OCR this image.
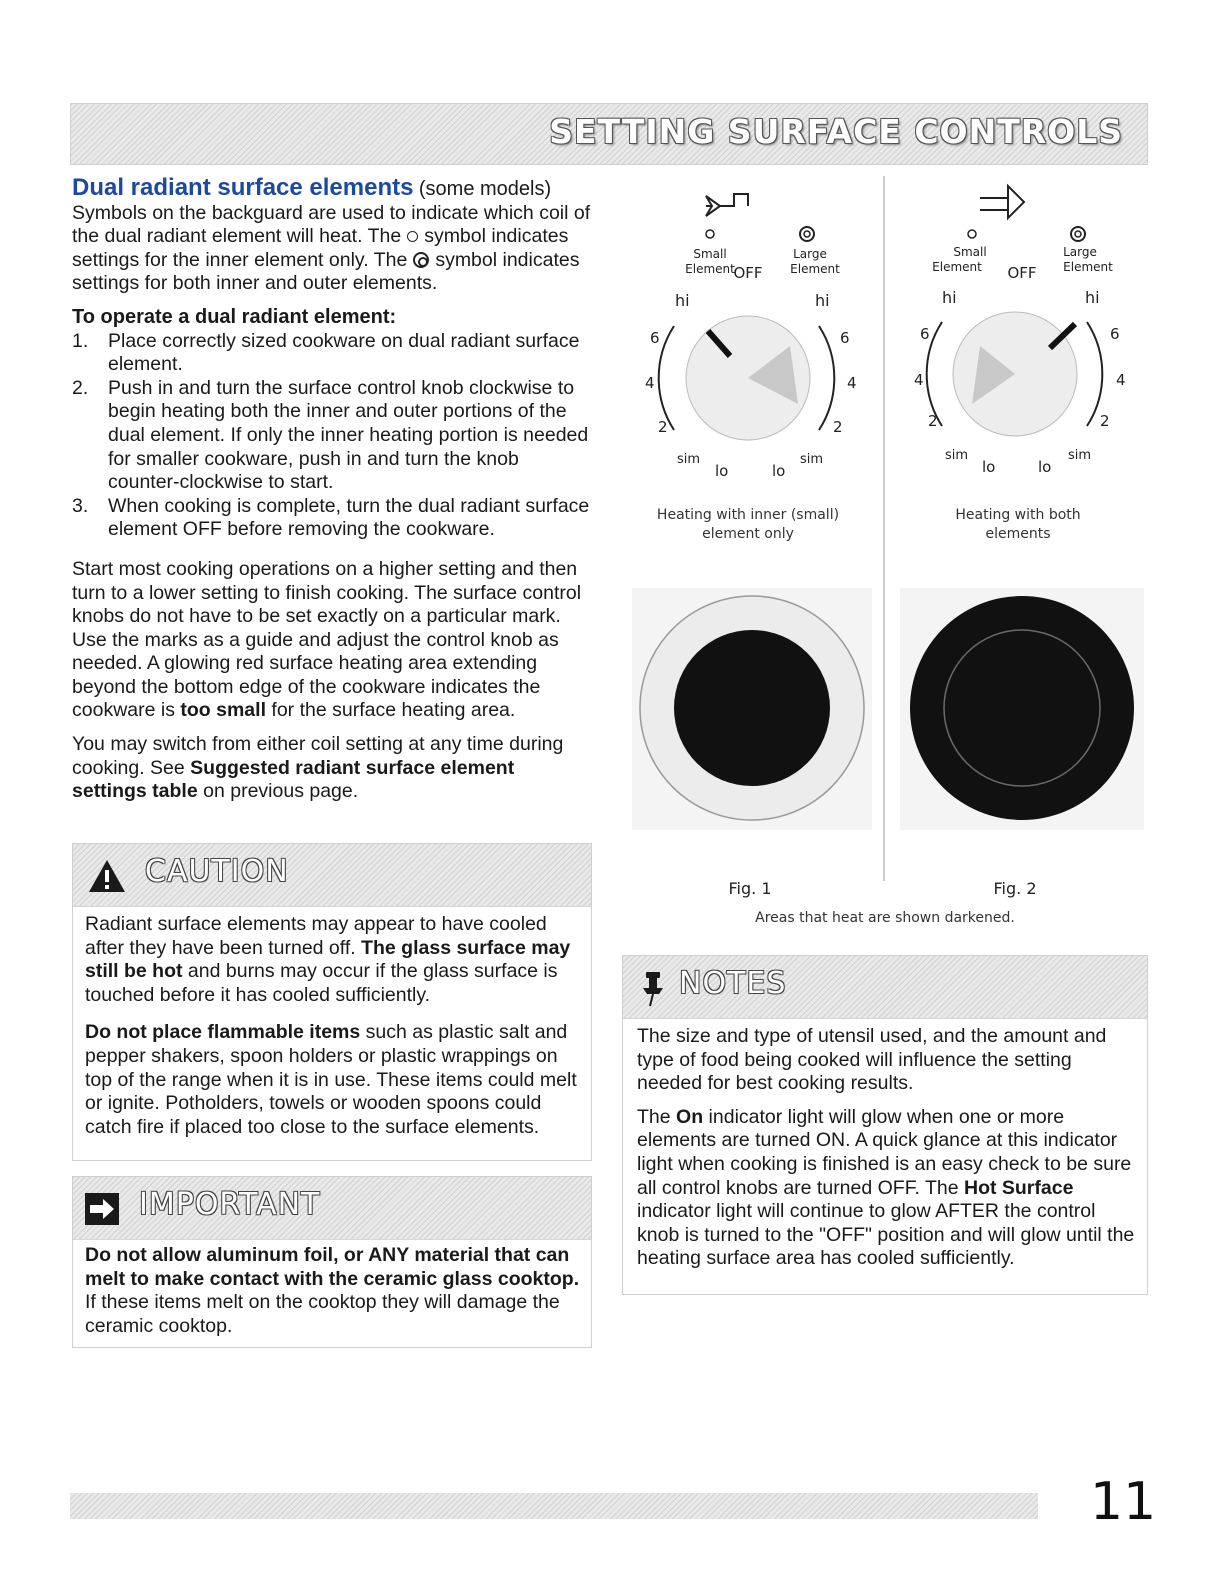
SETTING SURFACE CONTROLS

Dual radiant surface elements (some models)

Symbols on the backguard are used to indicate which coil of the dual radiant element will heat. The symbol indicates settings for the inner element only. The symbol indicates settings for both inner and outer elements.

To operate a dual radiant element:

1. Place correctly sized cookware on dual radiant surface element.
2. Push in and turn the surface control knob clockwise to begin heating both the inner and outer portions of the dual element. If only the inner heating portion is needed for smaller cookware, push in and turn the knob counter-clockwise to start.
3. When cooking is complete, turn the dual radiant surface element OFF before removing the cookware.

Start most cooking operations on a higher setting and then turn to a lower setting to finish cooking. The surface control knobs do not have to be set exactly on a particular mark. Use the marks as a guide and adjust the control knob as needed. A glowing red surface heating area extending beyond the bottom edge of the cookware indicates the cookware is too small for the surface heating area.

You may switch from either coil setting at any time during cooking. See Suggested radiant surface element settings table on previous page.

CAUTION

Radiant surface elements may appear to have cooled after they have been turned off. The glass surface may still be hot and burns may occur if the glass surface is touched before it has cooled sufficiently.

Do not place flammable items such as plastic salt and pepper shakers, spoon holders or plastic wrappings on top of the range when it is in use. These items could melt or ignite. Potholders, towels or wooden spoons could catch fire if placed too close to the surface elements.

IMPORTANT

Do not allow aluminum foil, or ANY material that can melt to make contact with the ceramic glass cooktop. If these items melt on the cooktop they will damage the ceramic cooktop.

Small
Element
Large
Element
OFF
hi	hi
6	6
4	4
2	2
sim	sim
lo	lo
Heating with inner (small)
element only
Small
Element
Large
Element
OFF
hi	hi
6	6
4	4
2	2
sim	sim
lo	lo
Heating with both
elements
Fig. 1	Fig. 2
Areas that heat are shown darkened.
NOTES

The size and type of utensil used, and the amount and type of food being cooked will influence the setting needed for best cooking results.

The On indicator light will glow when one or more elements are turned ON. A quick glance at this indicator light when cooking is finished is an easy check to be sure all control knobs are turned OFF. The Hot Surface indicator light will continue to glow AFTER the control knob is turned to the "OFF" position and will glow until the heating surface area has cooled sufficiently.

11
